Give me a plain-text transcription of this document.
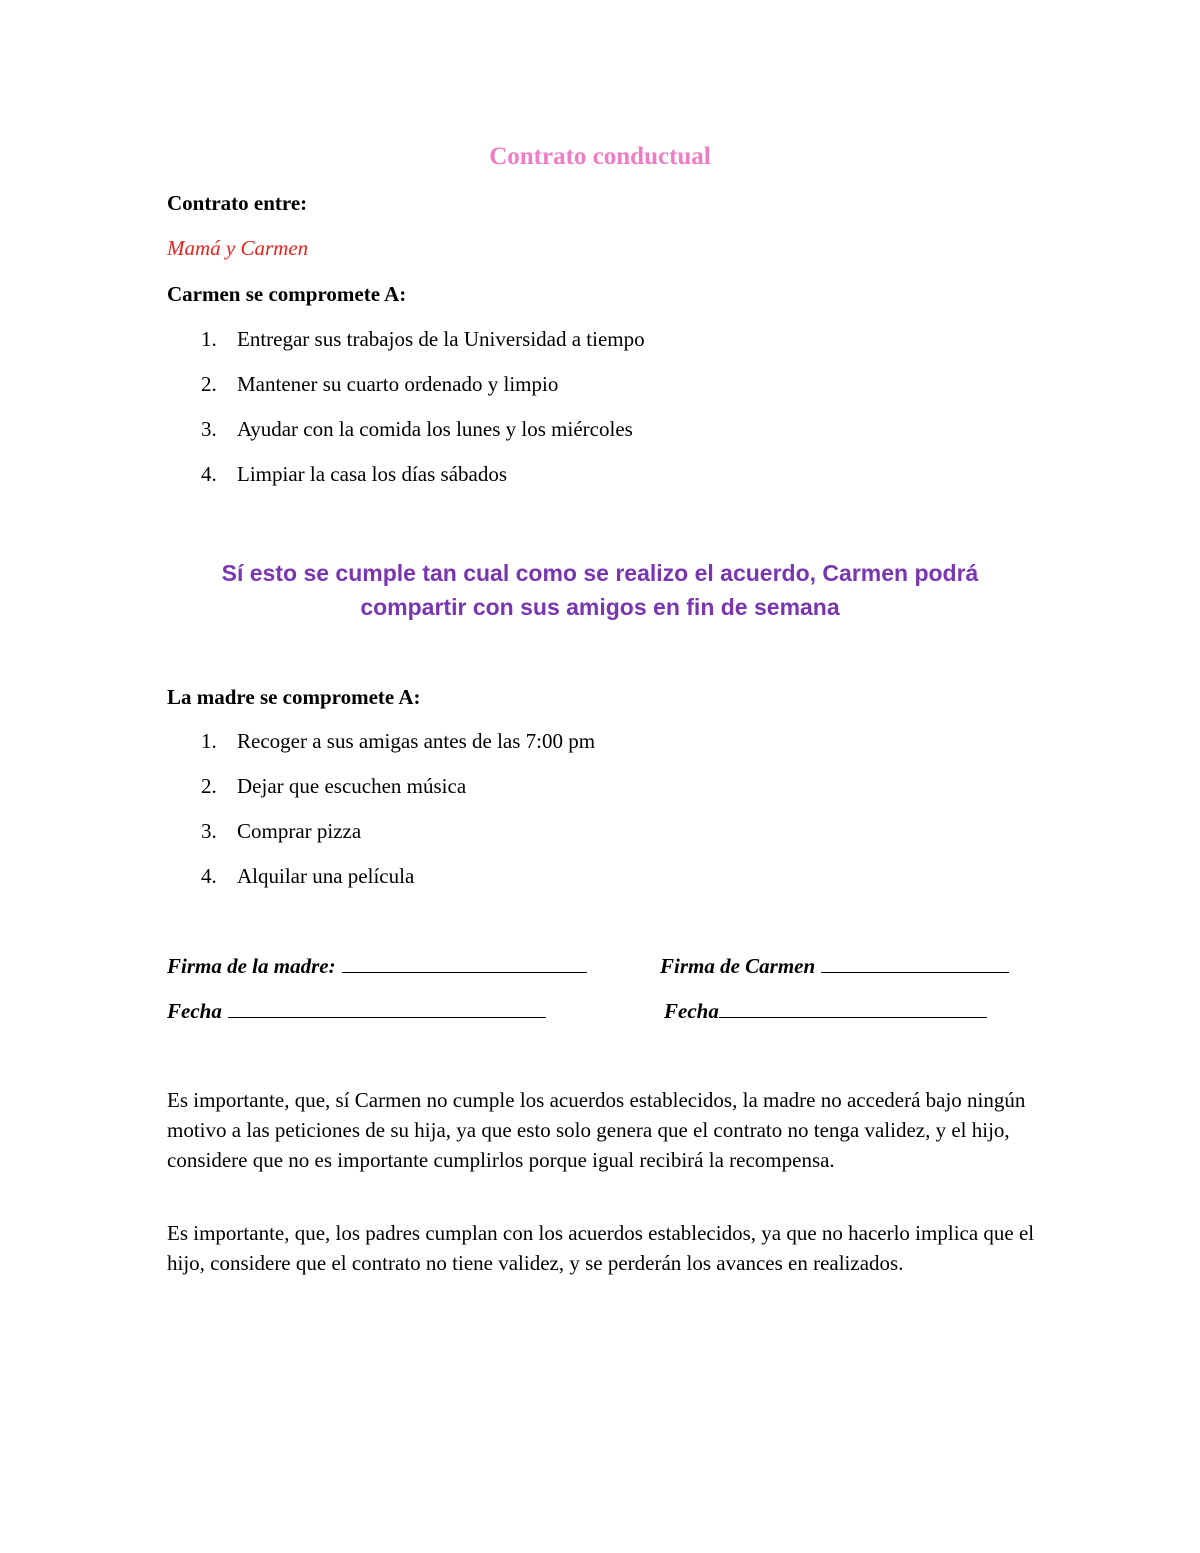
Contrato conductual
Contrato entre:
Mamá y Carmen
Carmen se compromete A:
1. Entregar sus trabajos de la Universidad a tiempo
2. Mantener su cuarto ordenado y limpio
3. Ayudar con la comida los lunes y los miércoles
4. Limpiar la casa los días sábados
Sí esto se cumple tan cual como se realizo el acuerdo, Carmen podrá
compartir con sus amigos en fin de semana
La madre se compromete A:
1. Recoger a sus amigas antes de las 7:00 pm
2. Dejar que escuchen música
3. Comprar pizza
4. Alquilar una película
Firma de la madre:	Firma de Carmen
Fecha	Fecha

Es importante, que, sí Carmen no cumple los acuerdos establecidos, la madre no accederá bajo ningún motivo a las peticiones de su hija, ya que esto solo genera que el contrato no tenga validez, y el hijo, considere que no es importante cumplirlos porque igual recibirá la recompensa.

Es importante, que, los padres cumplan con los acuerdos establecidos, ya que no hacerlo implica que el hijo, considere que el contrato no tiene validez, y se perderán los avances en realizados.
